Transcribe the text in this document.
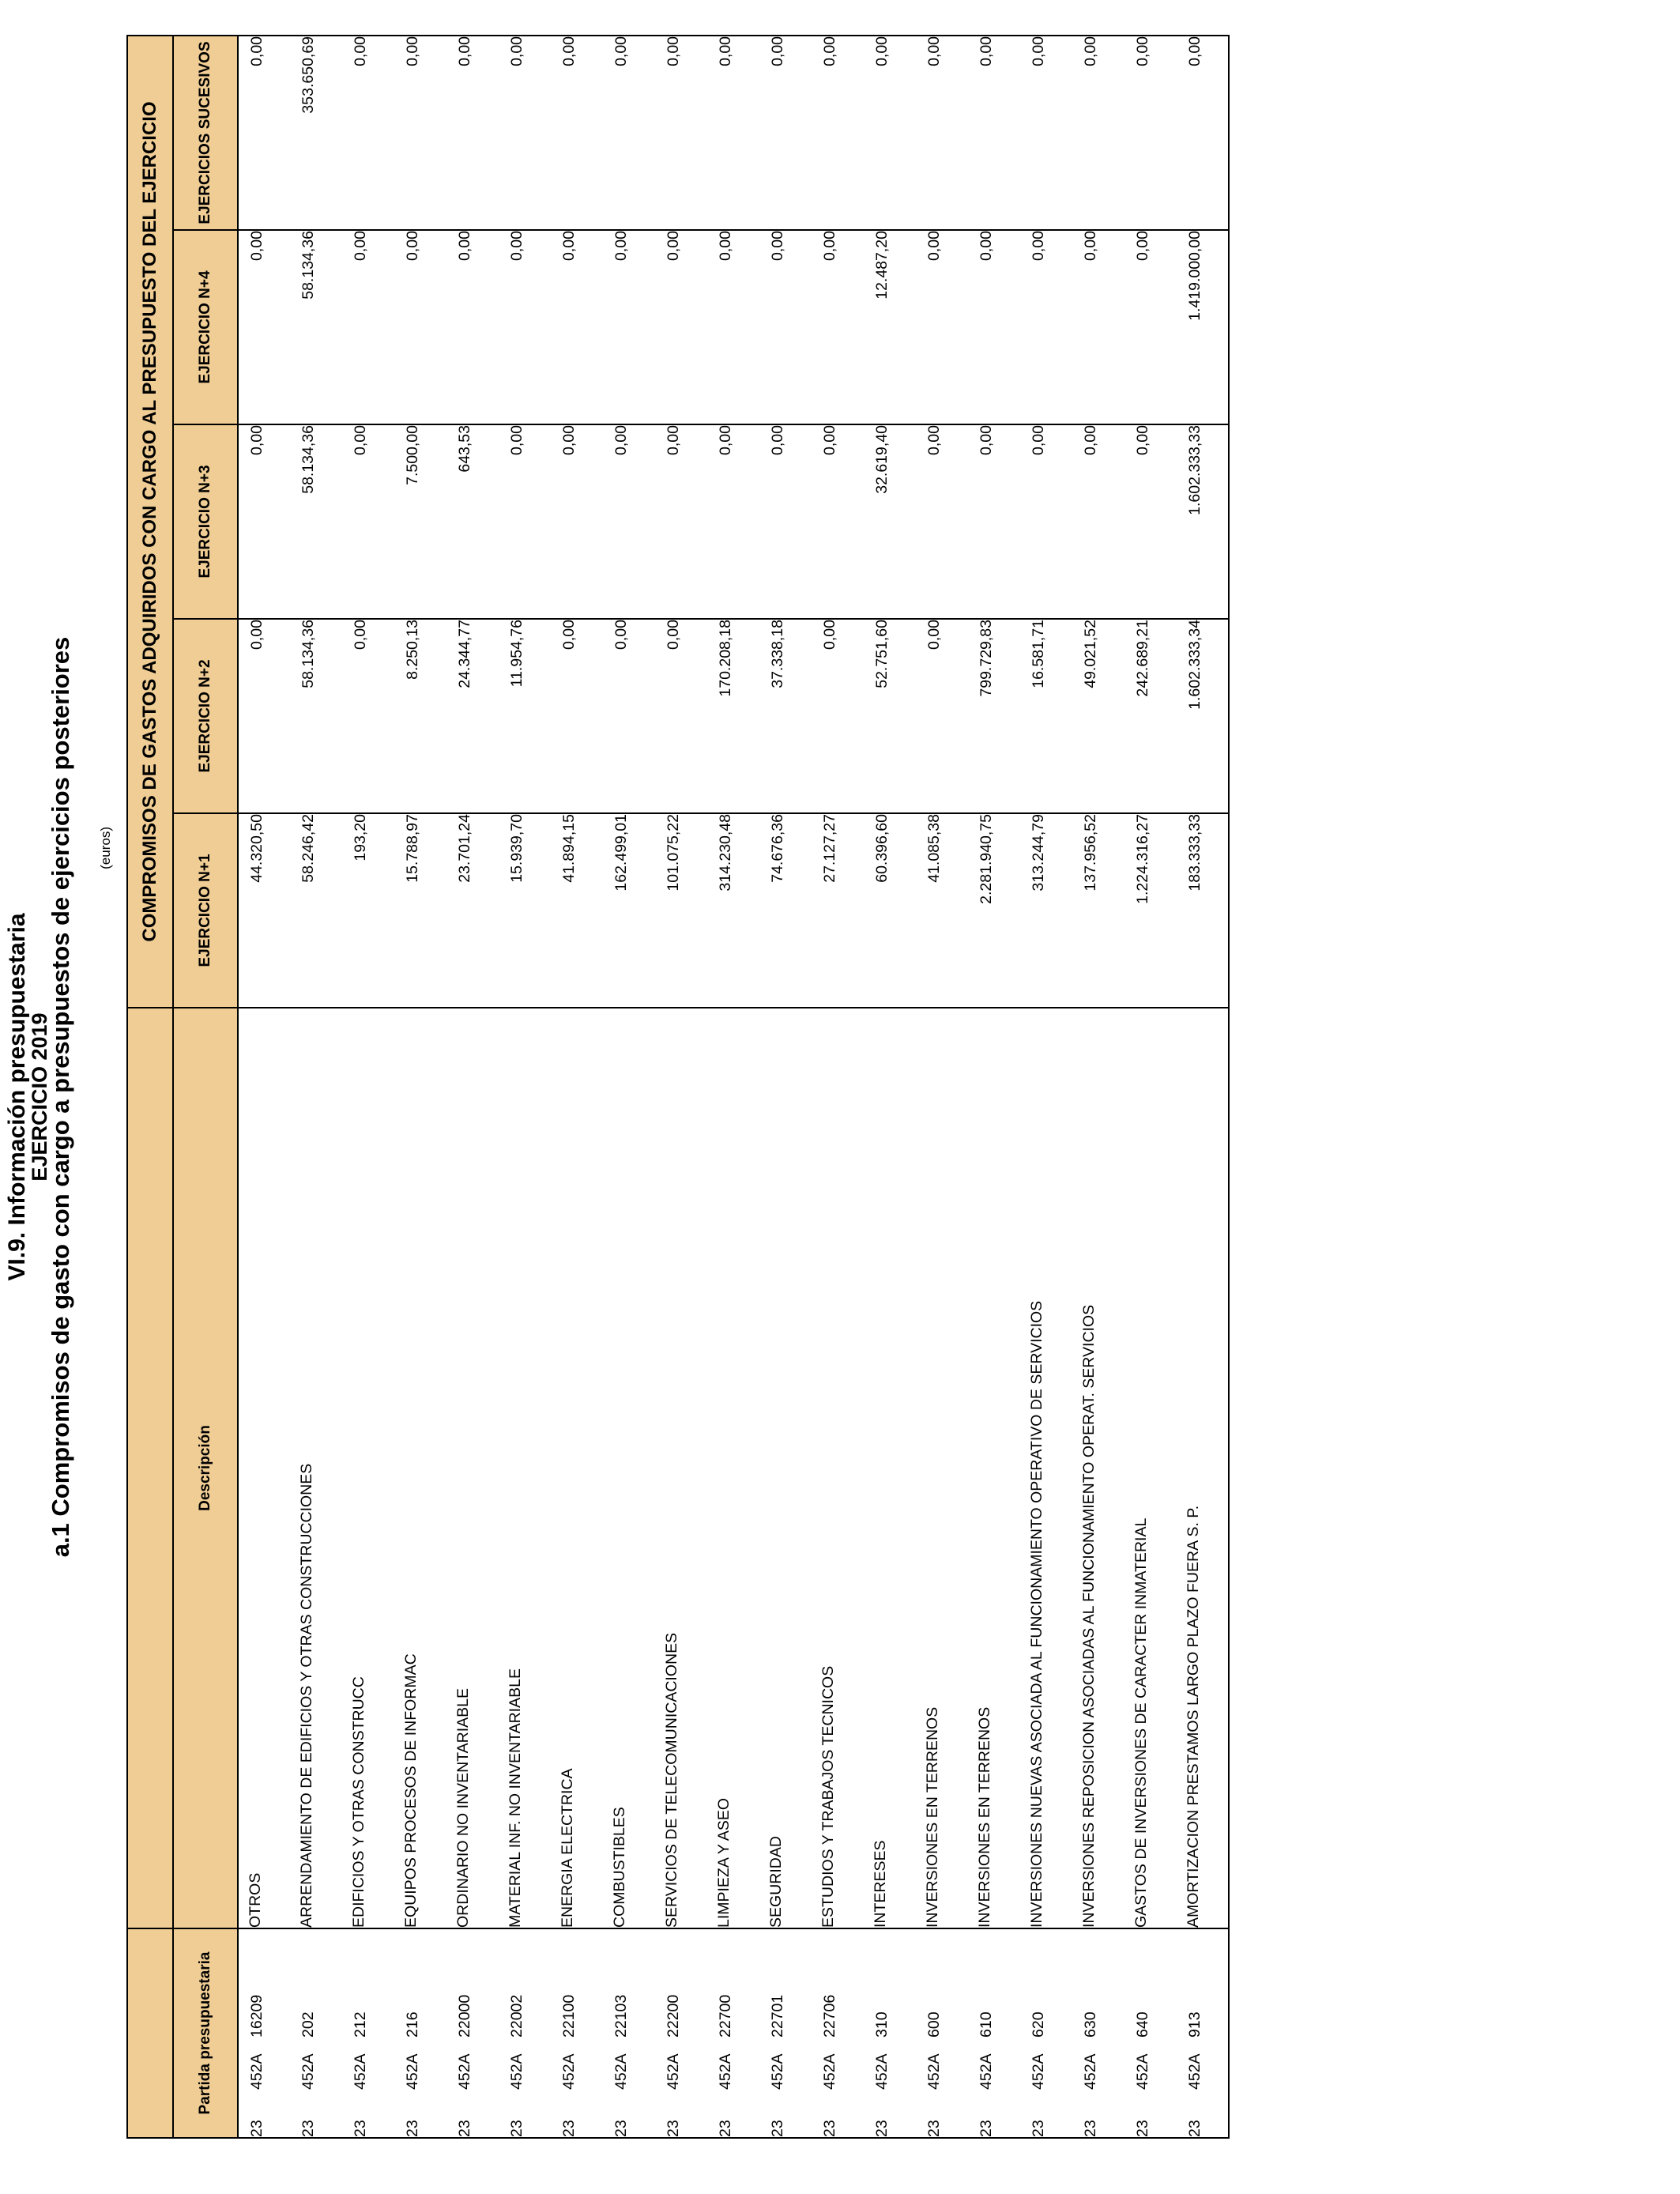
VI.9. Información presupuestaria
EJERCICIO 2019
a.1 Compromisos de gasto con cargo a presupuestos de ejercicios posteriores (euros)
		COMPROMISOS DE GASTOS ADQUIRIDOS CON CARGO AL PRESUPUESTO DEL EJERCICIO				
Partida presupuestaria	Descripción	EJERCICIO N+1	EJERCICIO N+2	EJERCICIO N+3	EJERCICIO N+4	EJERCICIOS SUCESIVOS
23452A16209	OTROS	44.320,50	0,00	0,00	0,00	0,00
23452A202	ARRENDAMIENTO DE EDIFICIOS Y OTRAS CONSTRUCCIONES	58.246,42	58.134,36	58.134,36	58.134,36	353.650,69
23452A212	EDIFICIOS Y OTRAS CONSTRUCC	193,20	0,00	0,00	0,00	0,00
23452A216	EQUIPOS PROCESOS DE INFORMAC	15.788,97	8.250,13	7.500,00	0,00	0,00
23452A22000	ORDINARIO NO INVENTARIABLE	23.701,24	24.344,77	643,53	0,00	0,00
23452A22002	MATERIAL INF. NO INVENTARIABLE	15.939,70	11.954,76	0,00	0,00	0,00
23452A22100	ENERGIA ELECTRICA	41.894,15	0,00	0,00	0,00	0,00
23452A22103	COMBUSTIBLES	162.499,01	0,00	0,00	0,00	0,00
23452A22200	SERVICIOS DE TELECOMUNICACIONES	101.075,22	0,00	0,00	0,00	0,00
23452A22700	LIMPIEZA Y ASEO	314.230,48	170.208,18	0,00	0,00	0,00
23452A22701	SEGURIDAD	74.676,36	37.338,18	0,00	0,00	0,00
23452A22706	ESTUDIOS Y TRABAJOS TECNICOS	27.127,27	0,00	0,00	0,00	0,00
23452A310	INTERESES	60.396,60	52.751,60	32.619,40	12.487,20	0,00
23452A600	INVERSIONES EN TERRENOS	41.085,38	0,00	0,00	0,00	0,00
23452A610	INVERSIONES EN TERRENOS	2.281.940,75	799.729,83	0,00	0,00	0,00
23452A620	INVERSIONES NUEVAS ASOCIADA AL FUNCIONAMIENTO OPERATIVO DE SERVICIOS	313.244,79	16.581,71	0,00	0,00	0,00
23452A630	INVERSIONES REPOSICION ASOCIADAS AL FUNCIONAMIENTO OPERAT. SERVICIOS	137.956,52	49.021,52	0,00	0,00	0,00
23452A640	GASTOS DE INVERSIONES DE CARACTER INMATERIAL	1.224.316,27	242.689,21	0,00	0,00	0,00
23452A913	AMORTIZACION PRESTAMOS LARGO PLAZO FUERA S. P.	183.333,33	1.602.333,34	1.602.333,33	1.419.000,00	0,00
